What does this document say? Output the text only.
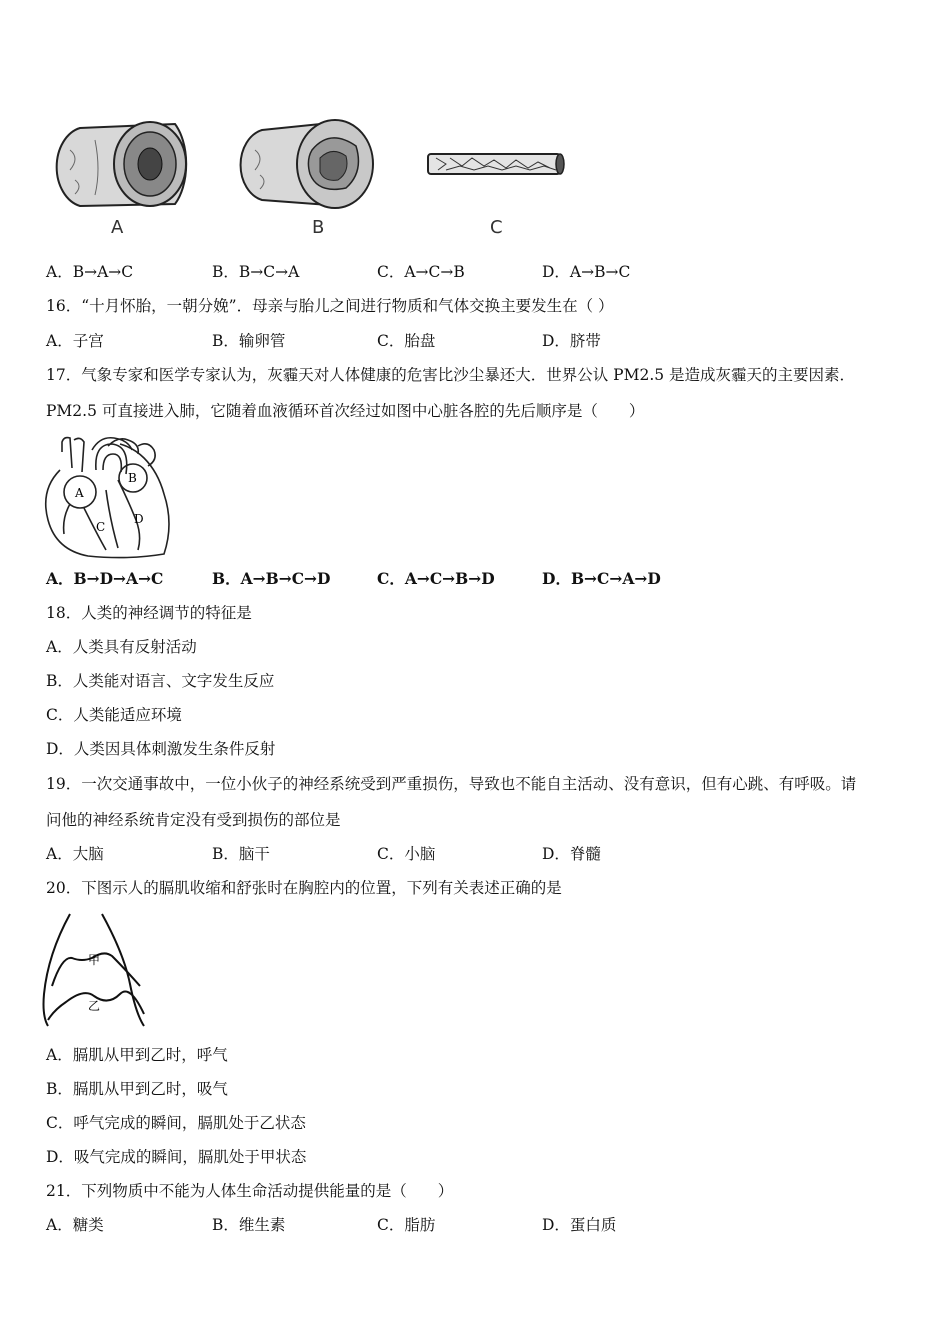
A	B	C
A．B→A→C	B．B→C→A	C．A→C→B	D．A→B→C
16．“十月怀胎，一朝分娩”．母亲与胎儿之间进行物质和气体交换主要发生在（ ）
A．子宫	B．输卵管	C．胎盘	D．脐带
17．气象专家和医学专家认为，灰霾天对人体健康的危害比沙尘暴还大．世界公认 PM2.5 是造成灰霾天的主要因素．
PM2.5 可直接进入肺，它随着血液循环首次经过如图中心脏各腔的先后顺序是（　　）
A
B
C
D
A．B→D→A→C	B．A→B→C→D	C．A→C→B→D	D．B→C→A→D
18．人类的神经调节的特征是
A．人类具有反射活动
B．人类能对语言、文字发生反应
C．人类能适应环境
D．人类因具体刺激发生条件反射
19．一次交通事故中，一位小伙子的神经系统受到严重损伤，导致也不能自主活动、没有意识，但有心跳、有呼吸。请
问他的神经系统肯定没有受到损伤的部位是
A．大脑	B．脑干	C．小脑	D．脊髓
20．下图示人的膈肌收缩和舒张时在胸腔内的位置，下列有关表述正确的是
甲
乙
A．膈肌从甲到乙时，呼气
B．膈肌从甲到乙时，吸气
C．呼气完成的瞬间，膈肌处于乙状态
D．吸气完成的瞬间，膈肌处于甲状态
21．下列物质中不能为人体生命活动提供能量的是（　　）
A．糖类	B．维生素	C．脂肪	D．蛋白质
